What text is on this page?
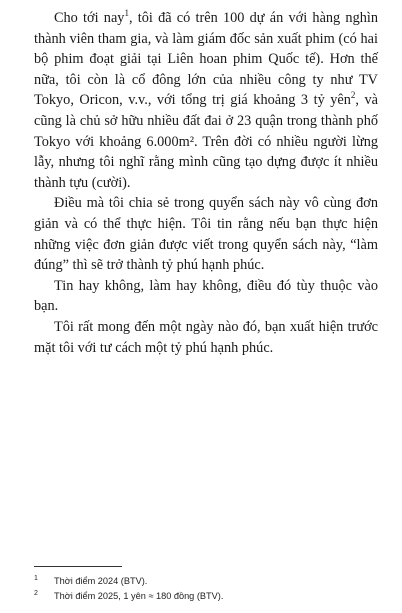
Cho tới nay$^1$, tôi đã có trên 100 dự án với hàng nghìn thành viên tham gia, và làm giám đốc sản xuất phim (có hai bộ phim đoạt giải tại Liên hoan phim Quốc tế). Hơn thế nữa, tôi còn là cổ đông lớn của nhiều công ty như TV Tokyo, Oricon, v.v., với tổng trị giá khoảng 3 tỷ yên$^2$, và cũng là chủ sở hữu nhiều đất đai ở 23 quận trong thành phố Tokyo với khoảng 6.000m². Trên đời có nhiều người lừng lẫy, nhưng tôi nghĩ rằng mình cũng tạo dựng được ít nhiều thành tựu (cười).

Điều mà tôi chia sẻ trong quyển sách này vô cùng đơn giản và có thể thực hiện. Tôi tin rằng nếu bạn thực hiện những việc đơn giản được viết trong quyển sách này, “làm đúng” thì sẽ trở thành tỷ phú hạnh phúc.

Tin hay không, làm hay không, điều đó tùy thuộc vào bạn.

Tôi rất mong đến một ngày nào đó, bạn xuất hiện trước mặt tôi với tư cách một tỷ phú hạnh phúc.

1 Thời điểm 2024 (BTV).
2 Thời điểm 2025, 1 yên ≈ 180 đồng (BTV).
